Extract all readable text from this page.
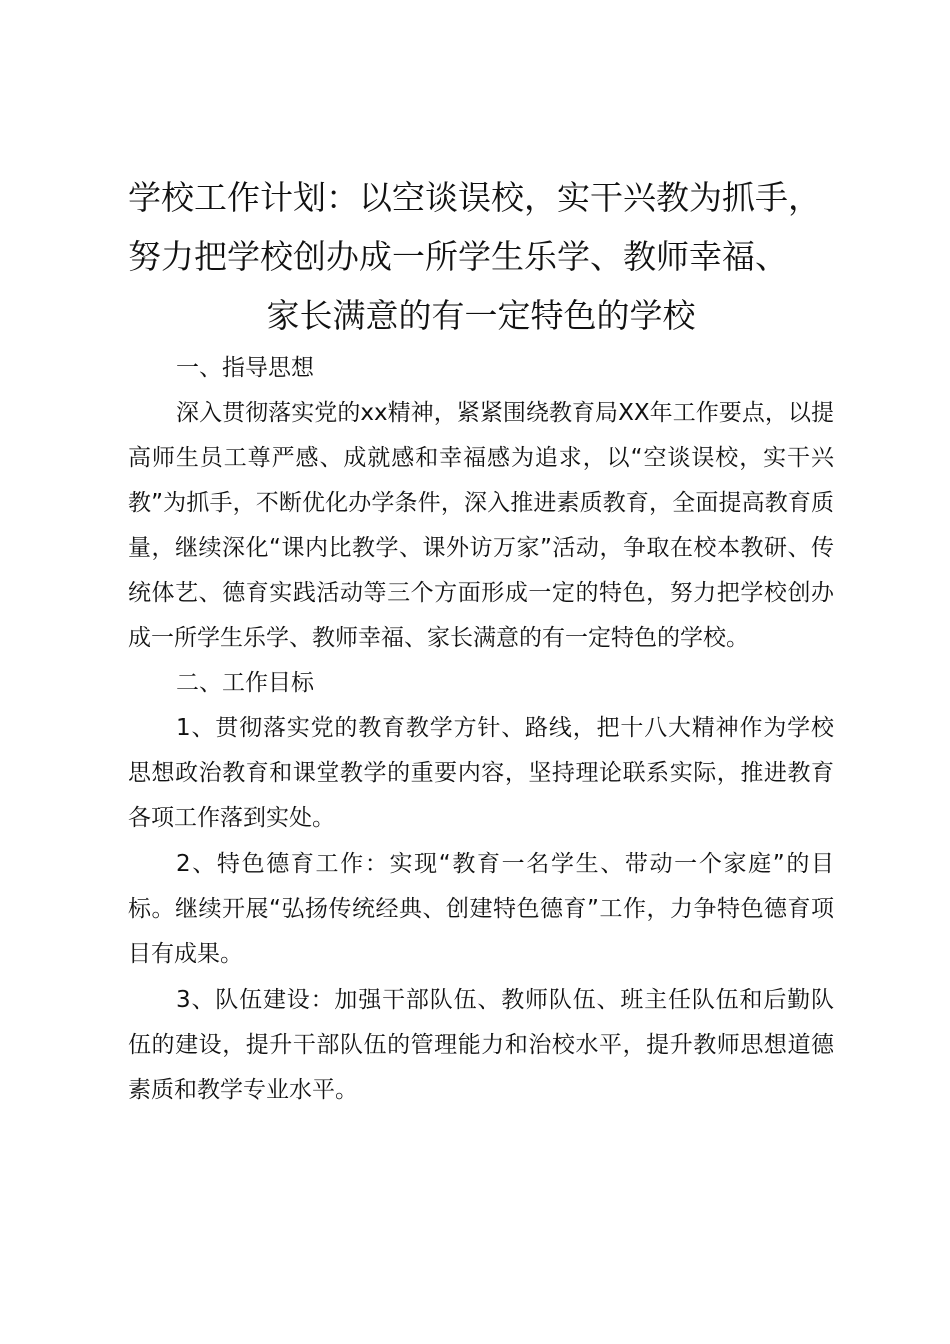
学校工作计划：以空谈误校，实干兴教为抓手，
努力把学校创办成一所学生乐学、教师幸福、
家长满意的有一定特色的学校

一、指导思想

深入贯彻落实党的xx精神，紧紧围绕教育局XX年工作要点，以提高师生员工尊严感、成就感和幸福感为追求，以“空谈误校，实干兴教”为抓手，不断优化办学条件，深入推进素质教育，全面提高教育质量，继续深化“课内比教学、课外访万家”活动，争取在校本教研、传统体艺、德育实践活动等三个方面形成一定的特色，努力把学校创办成一所学生乐学、教师幸福、家长满意的有一定特色的学校。

二、工作目标

1、贯彻落实党的教育教学方针、路线，把十八大精神作为学校思想政治教育和课堂教学的重要内容，坚持理论联系实际，推进教育各项工作落到实处。

2、特色德育工作：实现“教育一名学生、带动一个家庭”的目标。继续开展“弘扬传统经典、创建特色德育”工作，力争特色德育项目有成果。

3、队伍建设：加强干部队伍、教师队伍、班主任队伍和后勤队伍的建设，提升干部队伍的管理能力和治校水平，提升教师思想道德素质和教学专业水平。
